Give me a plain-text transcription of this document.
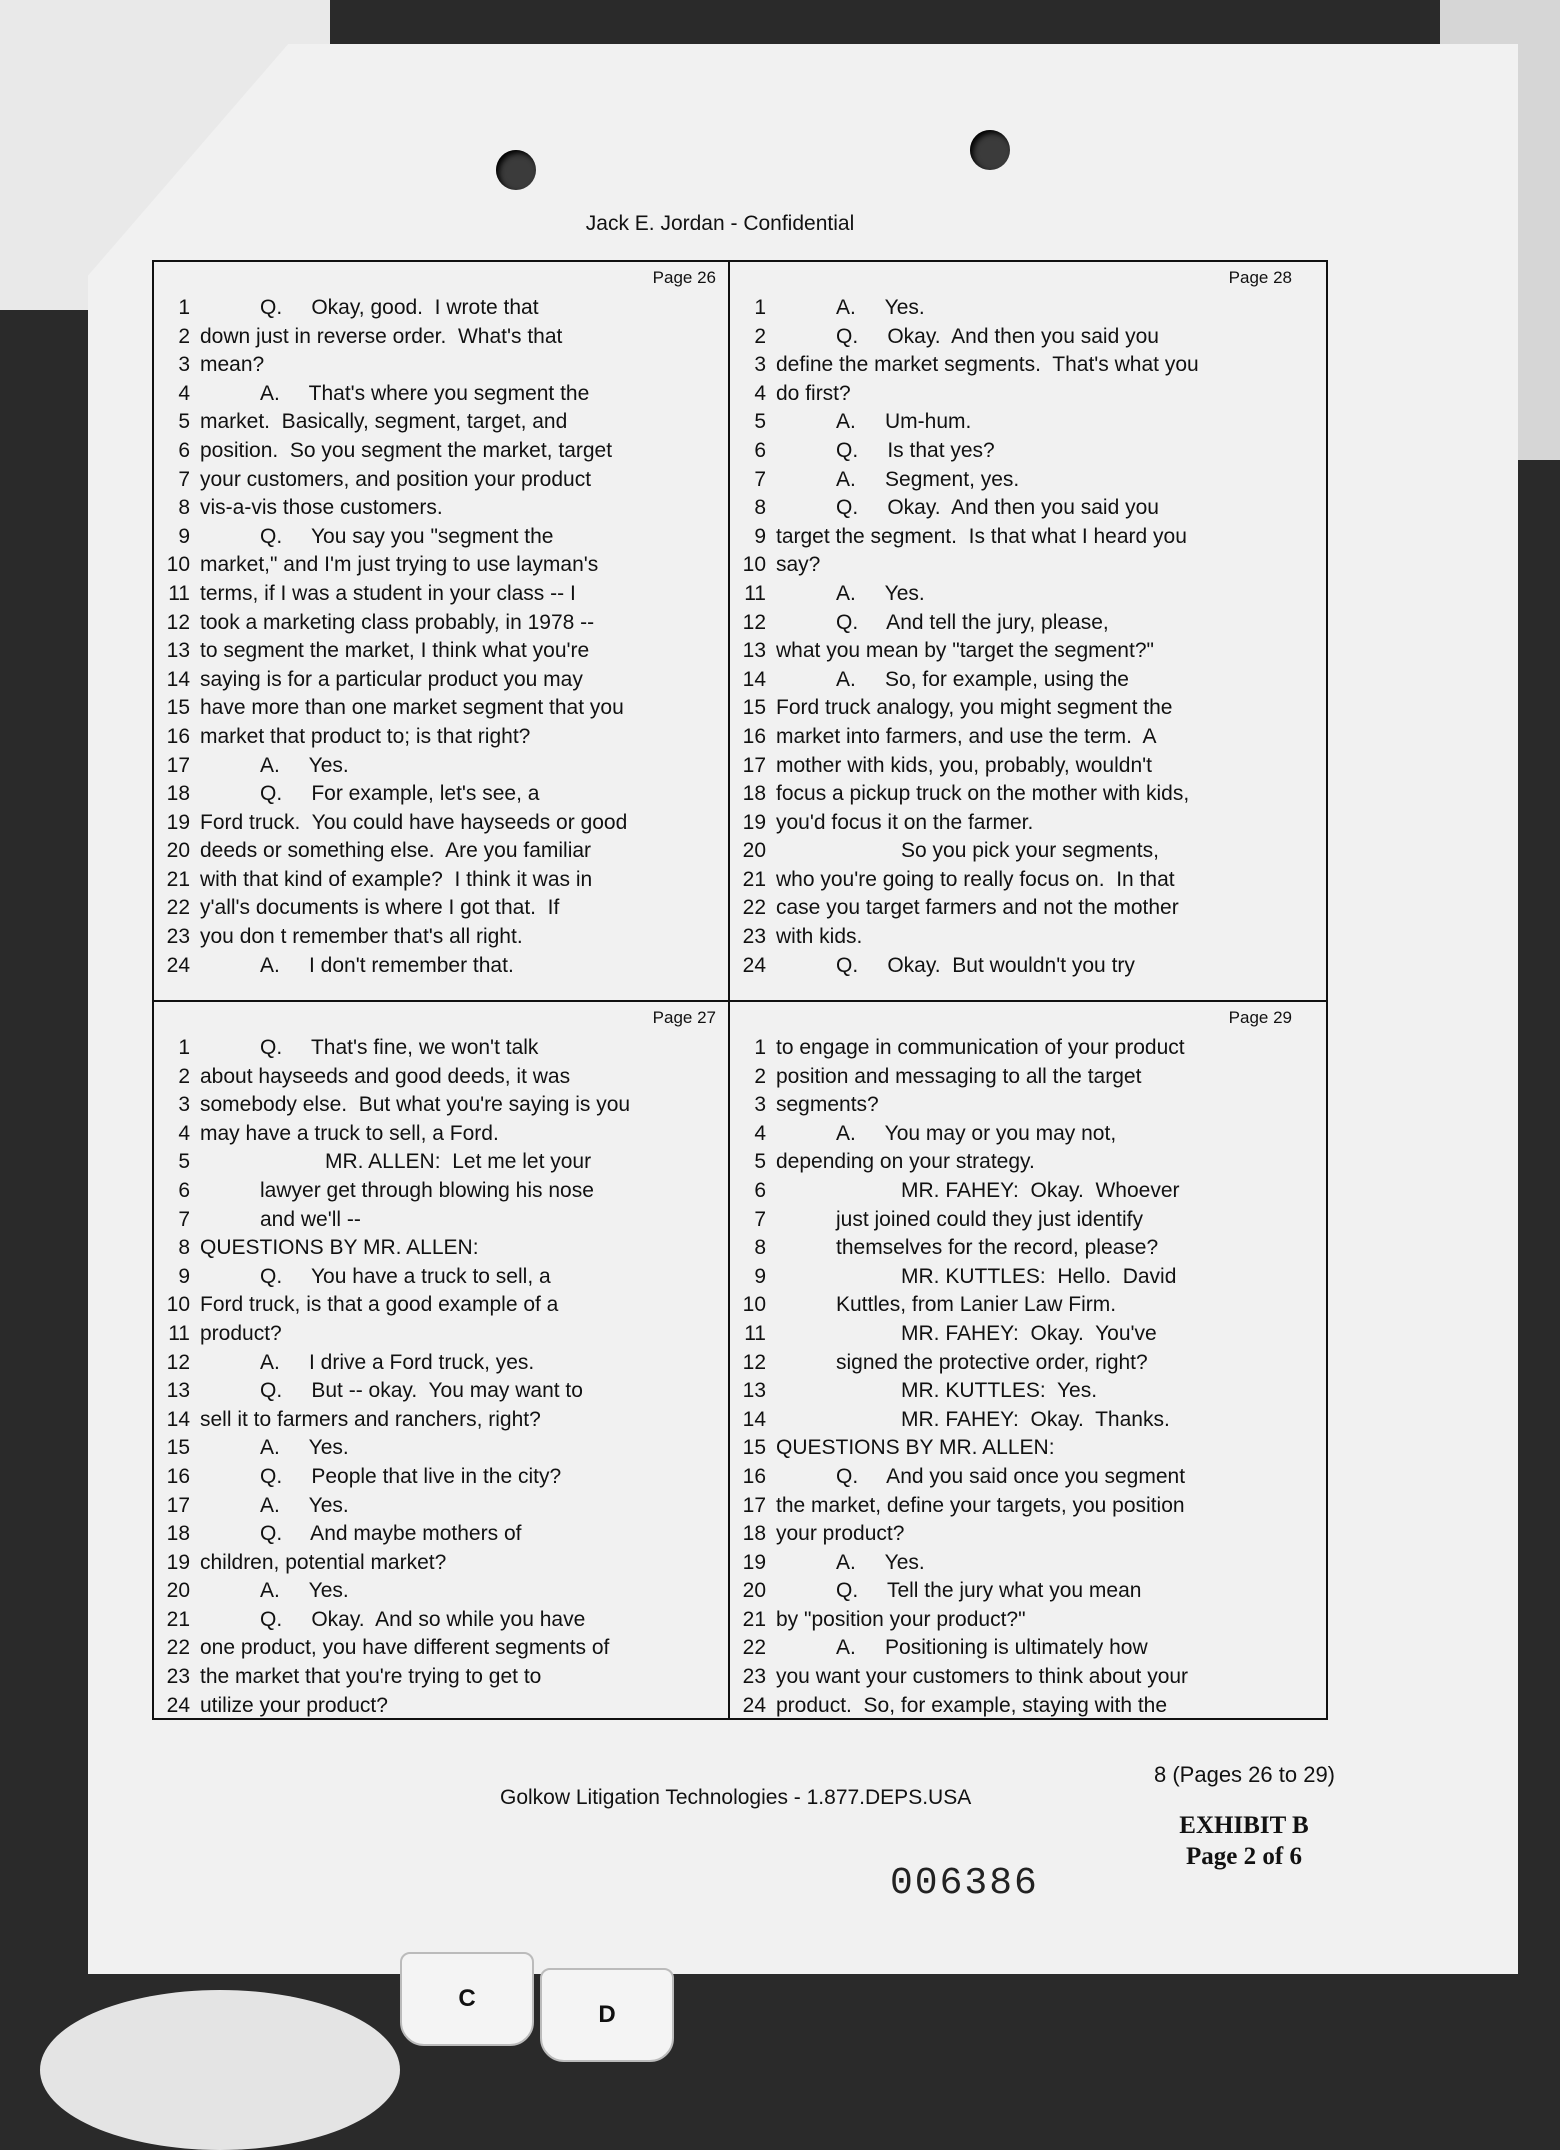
Jack E. Jordan - Confidential
Page 26
1	Q.     Okay, good.  I wrote that
2 down just in reverse order.  What's that
3 mean?
4	A.     That's where you segment the
5 market.  Basically, segment, target, and
6 position.  So you segment the market, target
7 your customers, and position your product
8 vis-a-vis those customers.
9	Q.     You say you "segment the
10 market," and I'm just trying to use layman's
11 terms, if I was a student in your class -- I
12 took a marketing class probably, in 1978 --
13 to segment the market, I think what you're
14 saying is for a particular product you may
15 have more than one market segment that you
16 market that product to; is that right?
17	A.     Yes.
18	Q.     For example, let's see, a
19 Ford truck.  You could have hayseeds or good
20 deeds or something else.  Are you familiar
21 with that kind of example?  I think it was in
22 y'all's documents is where I got that.  If
23 you don t remember that's all right.
24	A.     I don't remember that.
Page 28
1	A.     Yes.
2	Q.     Okay.  And then you said you
3 define the market segments.  That's what you
4 do first?
5	A.     Um-hum.
6	Q.     Is that yes?
7	A.     Segment, yes.
8	Q.     Okay.  And then you said you
9 target the segment.  Is that what I heard you
10 say?
11	A.     Yes.
12	Q.     And tell the jury, please,
13 what you mean by "target the segment?"
14	A.     So, for example, using the
15 Ford truck analogy, you might segment the
16 market into farmers, and use the term.  A
17 mother with kids, you, probably, wouldn't
18 focus a pickup truck on the mother with kids,
19 you'd focus it on the farmer.
20	So you pick your segments,
21 who you're going to really focus on.  In that
22 case you target farmers and not the mother
23 with kids.
24	Q.     Okay.  But wouldn't you try
Page 27
1	Q.     That's fine, we won't talk
2 about hayseeds and good deeds, it was
3 somebody else.  But what you're saying is you
4 may have a truck to sell, a Ford.
5	MR. ALLEN:  Let me let your
6	lawyer get through blowing his nose
7	and we'll --
8 QUESTIONS BY MR. ALLEN:
9	Q.     You have a truck to sell, a
10 Ford truck, is that a good example of a
11 product?
12	A.     I drive a Ford truck, yes.
13	Q.     But -- okay.  You may want to
14 sell it to farmers and ranchers, right?
15	A.     Yes.
16	Q.     People that live in the city?
17	A.     Yes.
18	Q.     And maybe mothers of
19 children, potential market?
20	A.     Yes.
21	Q.     Okay.  And so while you have
22 one product, you have different segments of
23 the market that you're trying to get to
24 utilize your product?
Page 29
1 to engage in communication of your product
2 position and messaging to all the target
3 segments?
4	A.     You may or you may not,
5 depending on your strategy.
6	MR. FAHEY:  Okay.  Whoever
7	just joined could they just identify
8	themselves for the record, please?
9	MR. KUTTLES:  Hello.  David
10	Kuttles, from Lanier Law Firm.
11	MR. FAHEY:  Okay.  You've
12	signed the protective order, right?
13	MR. KUTTLES:  Yes.
14	MR. FAHEY:  Okay.  Thanks.
15 QUESTIONS BY MR. ALLEN:
16	Q.     And you said once you segment
17 the market, define your targets, you position
18 your product?
19	A.     Yes.
20	Q.     Tell the jury what you mean
21 by "position your product?"
22	A.     Positioning is ultimately how
23 you want your customers to think about your
24 product.  So, for example, staying with the
8 (Pages 26 to 29)
Golkow Litigation Technologies - 1.877.DEPS.USA
EXHIBIT B
Page 2 of 6
006386
C
D
